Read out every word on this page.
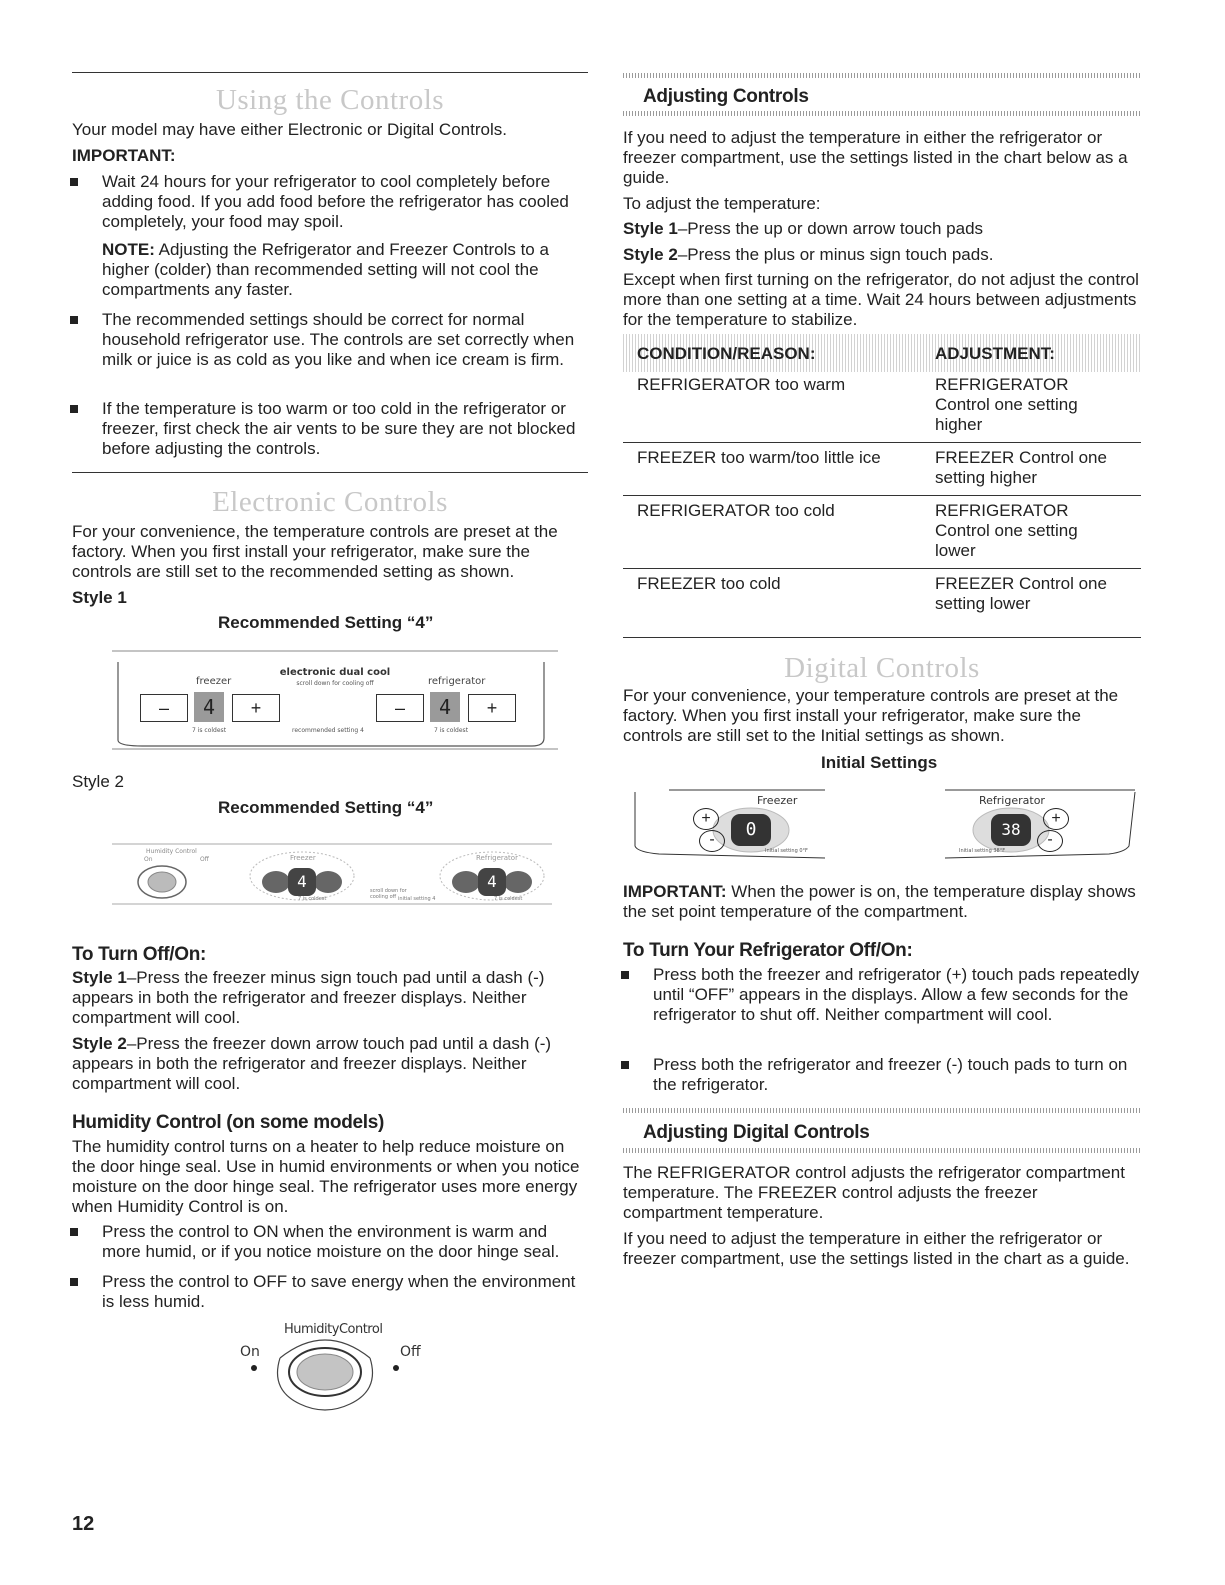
Using the Controls

Your model may have either Electronic or Digital Controls.

IMPORTANT:

Wait 24 hours for your refrigerator to cool completely before adding food. If you add food before the refrigerator has cooled completely, your food may spoil.
NOTE: Adjusting the Refrigerator and Freezer Controls to a higher (colder) than recommended setting will not cool the compartments any faster.
The recommended settings should be correct for normal household refrigerator use. The controls are set correctly when milk or juice is as cold as you like and when ice cream is firm.
If the temperature is too warm or too cold in the refrigerator or freezer, first check the air vents to be sure they are not blocked before adjusting the controls.
Electronic Controls

For your convenience, the temperature controls are preset at the factory. When you first install your refrigerator, make sure the controls are still set to the recommended setting as shown.

Style 1

Recommended Setting “4”

electronic dual cool
scroll down for cooling off
freezer	refrigerator
–	4	+	–	4	+
7 is coldest	recommended setting 4	7 is coldest

Style 2

Recommended Setting “4”

Humidity Control
On	Off	Freezer	Refrigerator
4	4
7 is coldest
scroll down for cooling off initial setting 4	7 is coldest
To Turn Off/On:
Style 1–Press the freezer minus sign touch pad until a dash (-) appears in both the refrigerator and freezer displays. Neither compartment will cool.
Style 2–Press the freezer down arrow touch pad until a dash (-) appears in both the refrigerator and freezer displays. Neither compartment will cool.
Humidity Control (on some models)

The humidity control turns on a heater to help reduce moisture on the door hinge seal. Use in humid environments or when you notice moisture on the door hinge seal. The refrigerator uses more energy when Humidity Control is on.

Press the control to ON when the environment is warm and more humid, or if you notice moisture on the door hinge seal.
Press the control to OFF to save energy when the environment is less humid.
HumidityControl
On	Off
12
Adjusting Controls

If you need to adjust the temperature in either the refrigerator or freezer compartment, use the settings listed in the chart below as a guide.

To adjust the temperature:

Style 1–Press the up or down arrow touch pads
Style 2–Press the plus or minus sign touch pads.

Except when first turning on the refrigerator, do not adjust the control more than one setting at a time. Wait 24 hours between adjustments for the temperature to stabilize.

CONDITION/REASON:	ADJUSTMENT:
REFRIGERATOR too warm	REFRIGERATOR Control one setting higher
FREEZER too warm/too little ice	FREEZER Control one setting higher
REFRIGERATOR too cold	REFRIGERATOR Control one setting lower
FREEZER too cold	FREEZER Control one setting lower
Digital Controls

For your convenience, your temperature controls are preset at the factory. When you first install your refrigerator, make sure the controls are still set to the Initial settings as shown.

Initial Settings

Freezer	Refrigerator
+
-	0	38
+
-
Initial setting 0°F	Initial setting 38°F
IMPORTANT: When the power is on, the temperature display shows the set point temperature of the compartment.
To Turn Your Refrigerator Off/On:
Press both the freezer and refrigerator (+) touch pads repeatedly until “OFF” appears in the displays. Allow a few seconds for the refrigerator to shut off. Neither compartment will cool.
Press both the refrigerator and freezer (-) touch pads to turn on the refrigerator.
Adjusting Digital Controls

The REFRIGERATOR control adjusts the refrigerator compartment temperature. The FREEZER control adjusts the freezer compartment temperature.

If you need to adjust the temperature in either the refrigerator or freezer compartment, use the settings listed in the chart as a guide.
